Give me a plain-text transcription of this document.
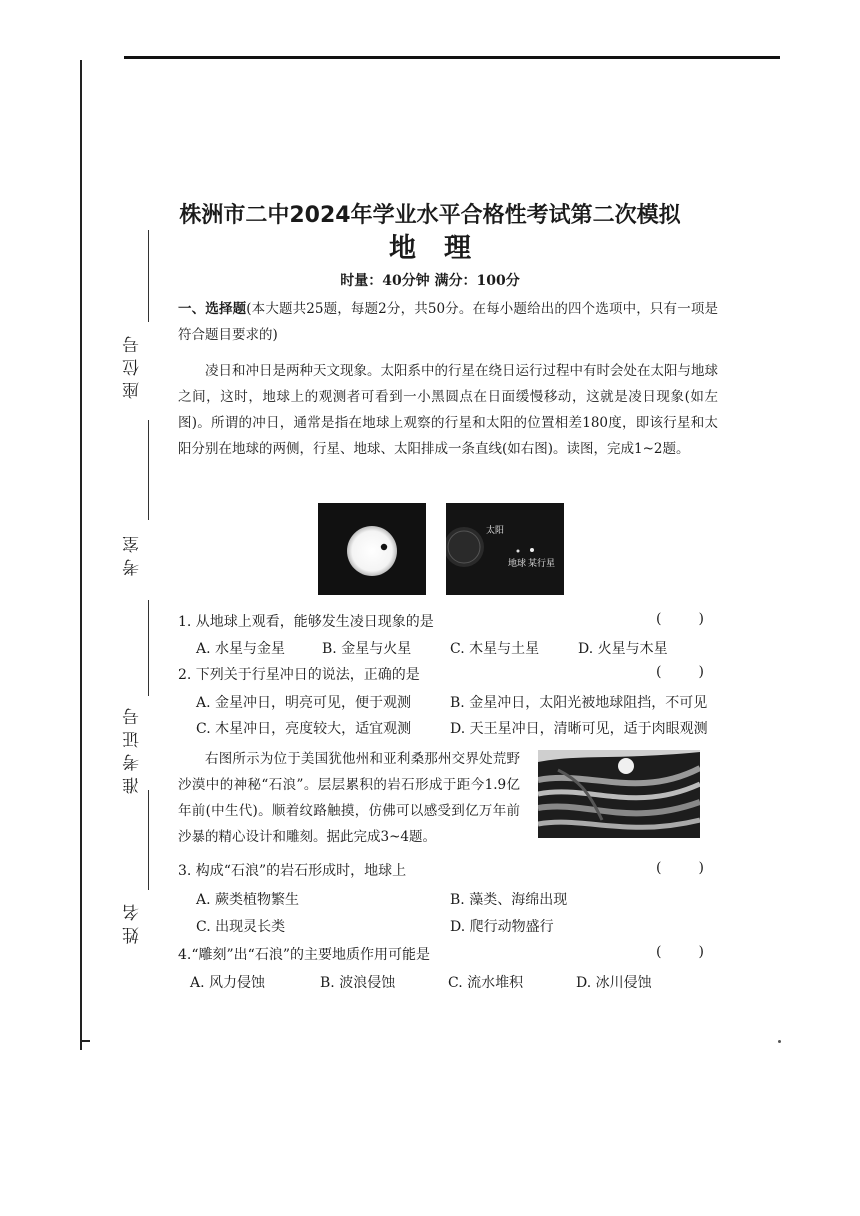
座位号
考室
准考证号
姓名
株洲市二中2024年学业水平合格性考试第二次模拟
地理
时量：40分钟 满分：100分
一、选择题(本大题共25题，每题2分，共50分。在每小题给出的四个选项中，只有一项是符合题目要求的)
凌日和冲日是两种天文现象。太阳系中的行星在绕日运行过程中有时会处在太阳与地球之间，这时，地球上的观测者可看到一小黑圆点在日面缓慢移动，这就是凌日现象(如左图)。所谓的冲日，通常是指在地球上观察的行星和太阳的位置相差180度，即该行星和太阳分别在地球的两侧，行星、地球、太阳排成一条直线(如右图)。读图，完成1~2题。
太阳
地球 某行星
1. 从地球上观看，能够发生凌日现象的是	(	)
A. 水星与金星	B. 金星与火星	C. 木星与土星	D. 火星与木星
2. 下列关于行星冲日的说法，正确的是	(	)
A. 金星冲日，明亮可见，便于观测	B. 金星冲日，太阳光被地球阻挡，不可见
C. 木星冲日，亮度较大，适宜观测	D. 天王星冲日，清晰可见，适于肉眼观测
右图所示为位于美国犹他州和亚利桑那州交界处荒野沙漠中的神秘“石浪”。层层累积的岩石形成于距今1.9亿年前(中生代)。顺着纹路触摸，仿佛可以感受到亿万年前沙暴的精心设计和雕刻。据此完成3~4题。
3. 构成“石浪”的岩石形成时，地球上	(	)
A. 蕨类植物繁生	B. 藻类、海绵出现
C. 出现灵长类	D. 爬行动物盛行
4.“雕刻”出“石浪”的主要地质作用可能是	(	)
A. 风力侵蚀	B. 波浪侵蚀	C. 流水堆积	D. 冰川侵蚀
